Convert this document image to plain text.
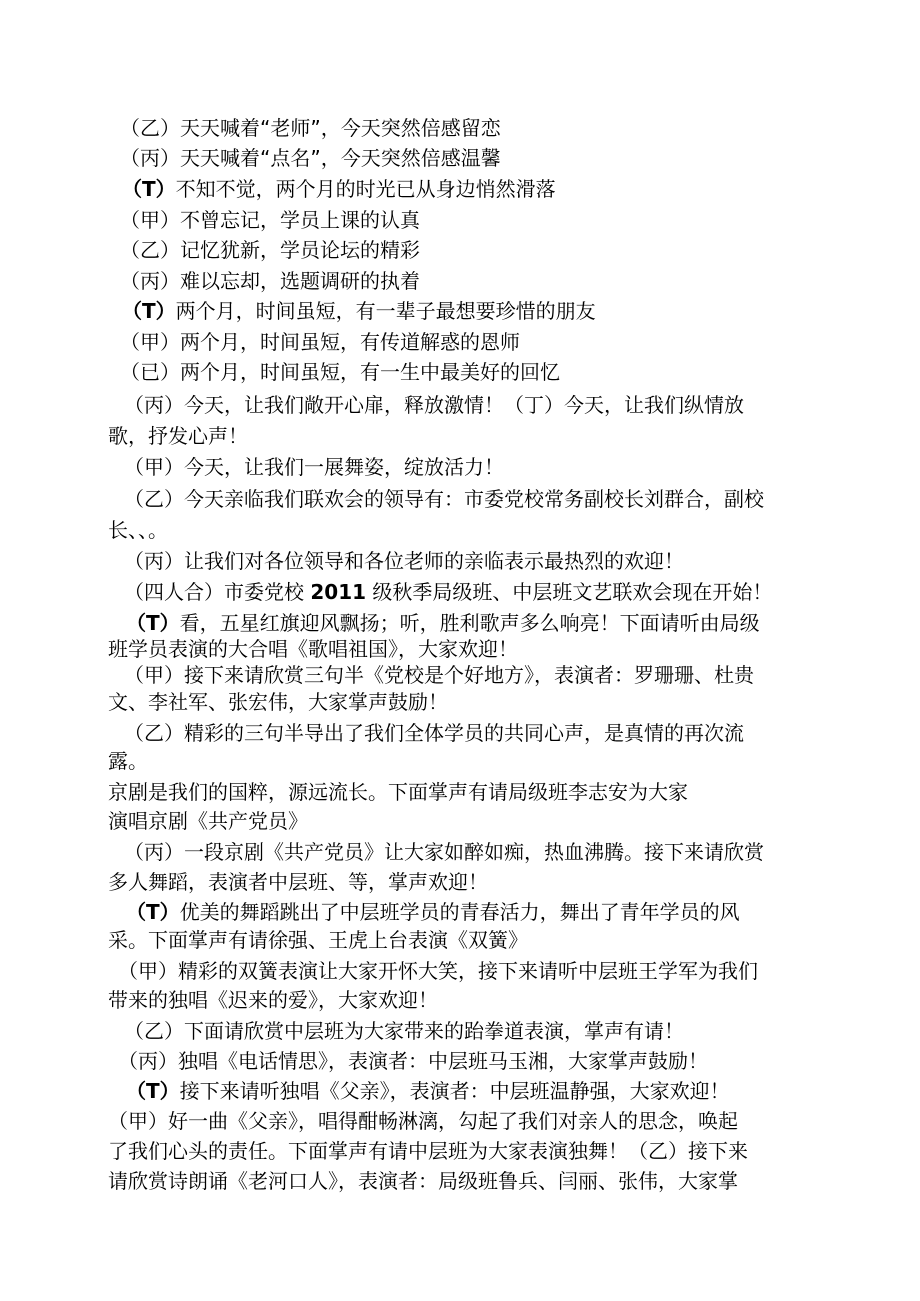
（乙）天天喊着“老师”，今天突然倍感留恋
（丙）天天喊着“点名”，今天突然倍感温馨
（T）不知不觉，两个月的时光已从身边悄然滑落
（甲）不曾忘记，学员上课的认真
（乙）记忆犹新，学员论坛的精彩
（丙）难以忘却，选题调研的执着
（T）两个月，时间虽短，有一辈子最想要珍惜的朋友
（甲）两个月，时间虽短，有传道解惑的恩师
（已）两个月，时间虽短，有一生中最美好的回忆
（丙）今天，让我们敞开心扉，释放激情！（丁）今天，让我们纵情放
歌，抒发心声！
（甲）今天，让我们一展舞姿，绽放活力！
（乙）今天亲临我们联欢会的领导有：市委党校常务副校长刘群合，副校
长、、。
（丙）让我们对各位领导和各位老师的亲临表示最热烈的欢迎！
（四人合）市委党校 2011 级秋季局级班、中层班文艺联欢会现在开始！
（T）看，五星红旗迎风飘扬；听，胜利歌声多么响亮！下面请听由局级
班学员表演的大合唱《歌唱祖国》，大家欢迎！
（甲）接下来请欣赏三句半《党校是个好地方》，表演者：罗珊珊、杜贵
文、李社军、张宏伟，大家掌声鼓励！
（乙）精彩的三句半导出了我们全体学员的共同心声，是真情的再次流
露。
京剧是我们的国粹，源远流长。下面掌声有请局级班李志安为大家
演唱京剧《共产党员》
（丙）一段京剧《共产党员》让大家如醉如痴，热血沸腾。接下来请欣赏
多人舞蹈，表演者中层班、等，掌声欢迎！
（T）优美的舞蹈跳出了中层班学员的青春活力，舞出了青年学员的风
采。下面掌声有请徐强、王虎上台表演《双簧》
（甲）精彩的双簧表演让大家开怀大笑，接下来请听中层班王学军为我们
带来的独唱《迟来的爱》，大家欢迎！
（乙）下面请欣赏中层班为大家带来的跆拳道表演，掌声有请！
（丙）独唱《电话情思》，表演者：中层班马玉湘，大家掌声鼓励！
（T）接下来请听独唱《父亲》，表演者：中层班温静强，大家欢迎！
（甲）好一曲《父亲》，唱得酣畅淋漓，勾起了我们对亲人的思念，唤起
了我们心头的责任。下面掌声有请中层班为大家表演独舞！（乙）接下来
请欣赏诗朗诵《老河口人》，表演者：局级班鲁兵、闫丽、张伟，大家掌
